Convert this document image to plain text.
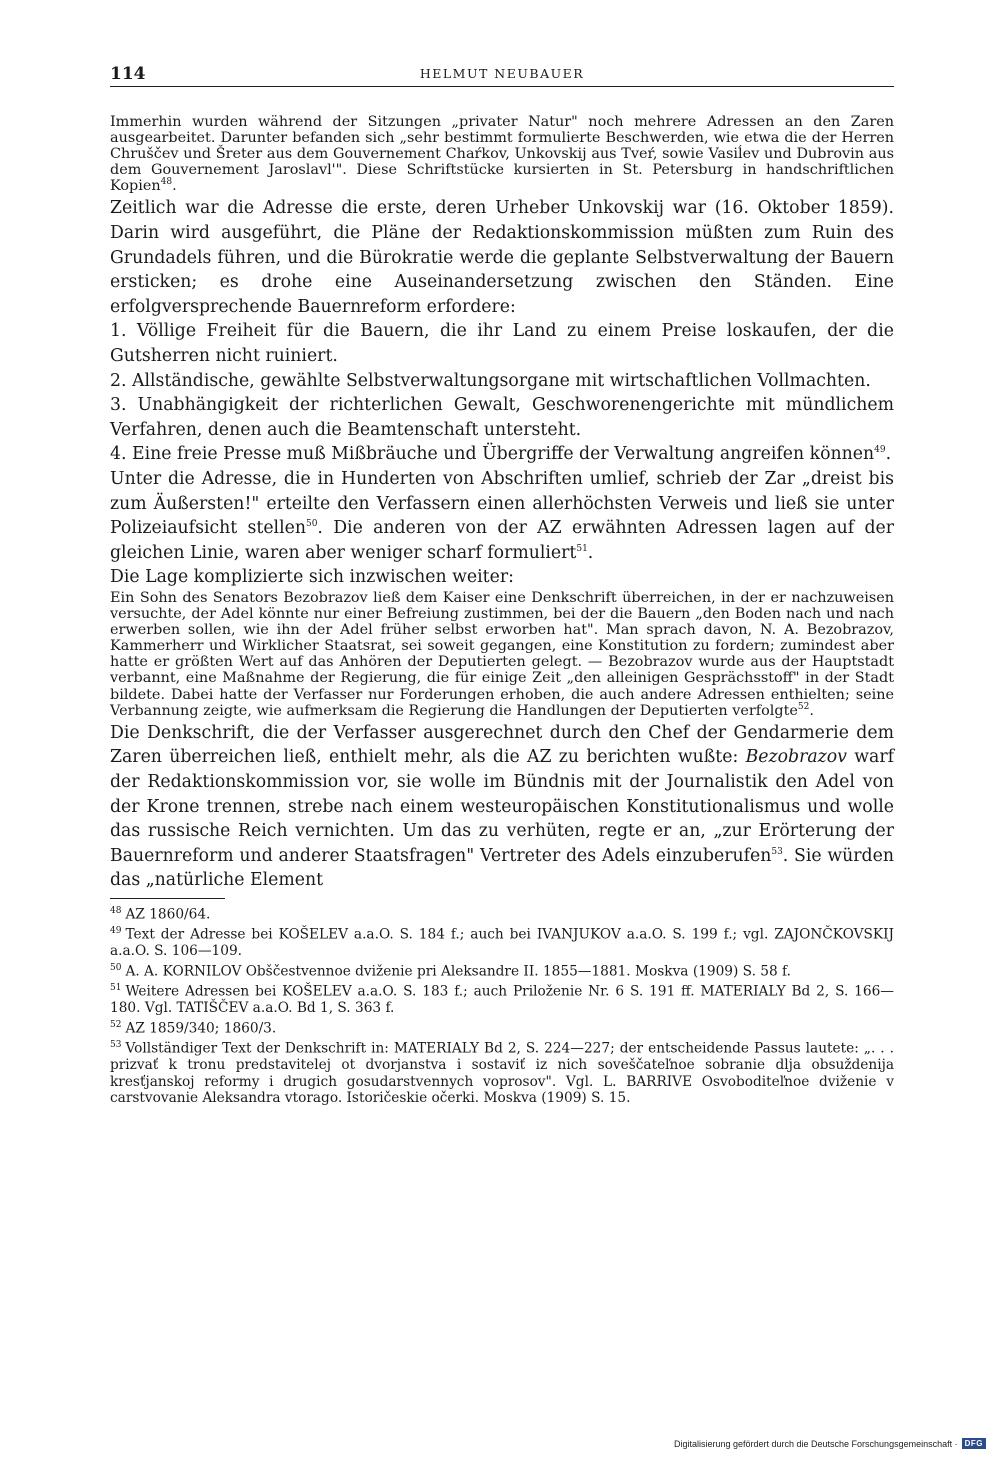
114	HELMUT NEUBAUER

Immerhin wurden während der Sitzungen „privater Natur" noch mehrere Adressen an den Zaren ausgearbeitet. Darunter befanden sich „sehr bestimmt formulierte Beschwerden, wie etwa die der Herren Chruščev und Šreter aus dem Gouvernement Chaŕkov, Unkovskij aus Tveŕ, sowie Vasiĺev und Dubrovin aus dem Gouvernement Jaroslavl'". Diese Schriftstücke kursierten in St. Petersburg in handschriftlichen Kopien$^{48}$.

Zeitlich war die Adresse die erste, deren Urheber Unkovskij war (16. Oktober 1859). Darin wird ausgeführt, die Pläne der Redaktionskommission müßten zum Ruin des Grundadels führen, und die Bürokratie werde die geplante Selbstverwaltung der Bauern ersticken; es drohe eine Auseinandersetzung zwischen den Ständen. Eine erfolgversprechende Bauernreform erfordere:

1. Völlige Freiheit für die Bauern, die ihr Land zu einem Preise loskaufen, der die Gutsherren nicht ruiniert.

2. Allständische, gewählte Selbstverwaltungsorgane mit wirtschaftlichen Vollmachten.

3. Unabhängigkeit der richterlichen Gewalt, Geschworenengerichte mit mündlichem Verfahren, denen auch die Beamtenschaft untersteht.

4. Eine freie Presse muß Mißbräuche und Übergriffe der Verwaltung angreifen können$^{49}$.

Unter die Adresse, die in Hunderten von Abschriften umlief, schrieb der Zar „dreist bis zum Äußersten!" erteilte den Verfassern einen allerhöchsten Verweis und ließ sie unter Polizeiaufsicht stellen$^{50}$. Die anderen von der AZ erwähnten Adressen lagen auf der gleichen Linie, waren aber weniger scharf formuliert$^{51}$.

Die Lage komplizierte sich inzwischen weiter:

Ein Sohn des Senators Bezobrazov ließ dem Kaiser eine Denkschrift überreichen, in der er nachzuweisen versuchte, der Adel könnte nur einer Befreiung zustimmen, bei der die Bauern „den Boden nach und nach erwerben sollen, wie ihn der Adel früher selbst erworben hat". Man sprach davon, N. A. Bezobrazov, Kammerherr und Wirklicher Staatsrat, sei soweit gegangen, eine Konstitution zu fordern; zumindest aber hatte er größten Wert auf das Anhören der Deputierten gelegt. — Bezobrazov wurde aus der Hauptstadt verbannt, eine Maßnahme der Regierung, die für einige Zeit „den alleinigen Gesprächsstoff" in der Stadt bildete. Dabei hatte der Verfasser nur Forderungen erhoben, die auch andere Adressen enthielten; seine Verbannung zeigte, wie aufmerksam die Regierung die Handlungen der Deputierten verfolgte$^{52}$.

Die Denkschrift, die der Verfasser ausgerechnet durch den Chef der Gendarmerie dem Zaren überreichen ließ, enthielt mehr, als die AZ zu berichten wußte: Bezobrazov warf der Redaktionskommission vor, sie wolle im Bündnis mit der Journalistik den Adel von der Krone trennen, strebe nach einem westeuropäischen Konstitutionalismus und wolle das russische Reich vernichten. Um das zu verhüten, regte er an, „zur Erörterung der Bauernreform und anderer Staatsfragen" Vertreter des Adels einzuberufen$^{53}$. Sie würden das „natürliche Element

$^{48}$ AZ 1860/64.

$^{49}$ Text der Adresse bei KOŠELEV a.a.O. S. 184 f.; auch bei IVANJUKOV a.a.O. S. 199 f.; vgl. ZAJONČKOVSKIJ a.a.O. S. 106—109.

$^{50}$ A. A. KORNILOV Obščestvennoe dviženie pri Aleksandre II. 1855—1881. Moskva (1909) S. 58 f.

$^{51}$ Weitere Adressen bei KOŠELEV a.a.O. S. 183 f.; auch Priloženie Nr. 6 S. 191 ff. MATERIALY Bd 2, S. 166—180. Vgl. TATIŠČEV a.a.O. Bd 1, S. 363 f.

$^{52}$ AZ 1859/340; 1860/3.

$^{53}$ Vollständiger Text der Denkschrift in: MATERIALY Bd 2, S. 224—227; der entscheidende Passus lautete: „. . . prizvať k tronu predstavitelej ot dvorjanstva i sostaviť iz nich soveščateľnoe sobranie dlja obsuždenija kresťjanskoj reformy i drugich gosudarstvennych voprosov". Vgl. L. BARRIVE Osvoboditeľnoe dviženie v carstvovanie Aleksandra vtorago. Istoričeskie očerki. Moskva (1909) S. 15.

Digitalisierung gefördert durch die Deutsche Forschungsgemeinschaft · DFG
